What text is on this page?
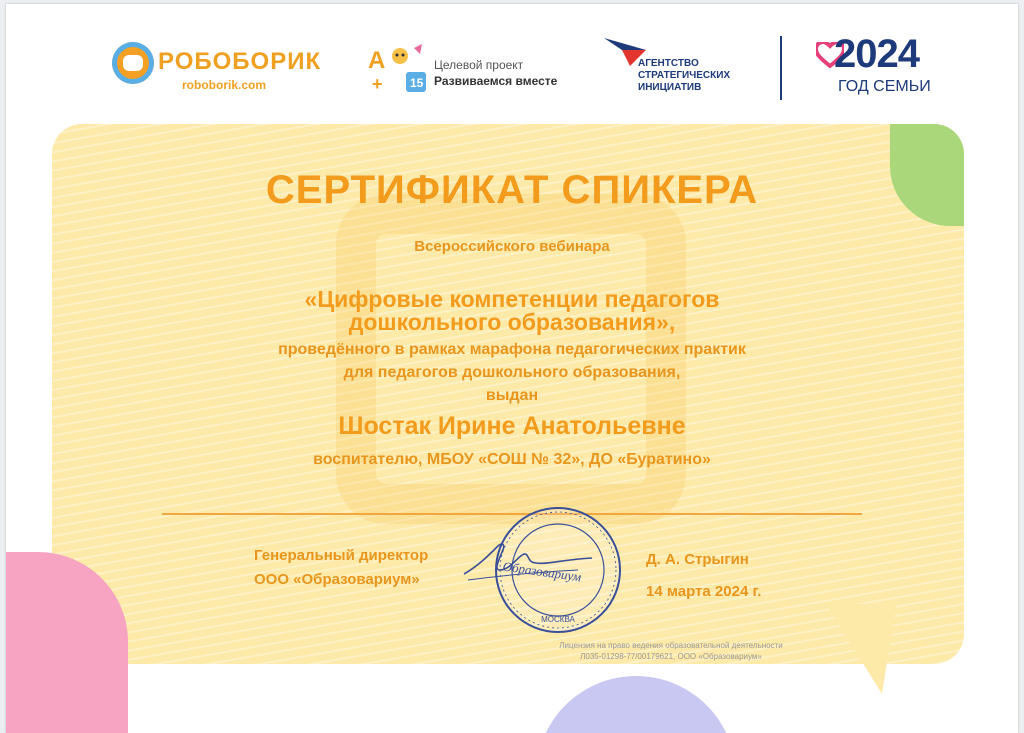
РОБОБОРИК
roboborik.com
А
+ 15
Целевой проект
Развиваемся вместе
АГЕНТСТВО
СТРАТЕГИЧЕСКИХ
ИНИЦИАТИВ
2024
ГОД СЕМЬИ
СЕРТИФИКАТ СПИКЕРА
Всероссийского вебинара
«Цифровые компетенции педагогов
дошкольного образования»,
проведённого в рамках марафона педагогических практик
для педагогов дошкольного образования,
выдан
Шостак Ирине Анатольевне
воспитателю, МБОУ «СОШ № 32», ДО «Буратино»
Генеральный директор
ООО «Образовариум»
МОСКВА
Образовариум	Д. А. Стрыгин
14 марта 2024 г.
Лицензия на право ведения образовательной деятельности
Л035-01298-77/00179621, ООО «Образовариум»
